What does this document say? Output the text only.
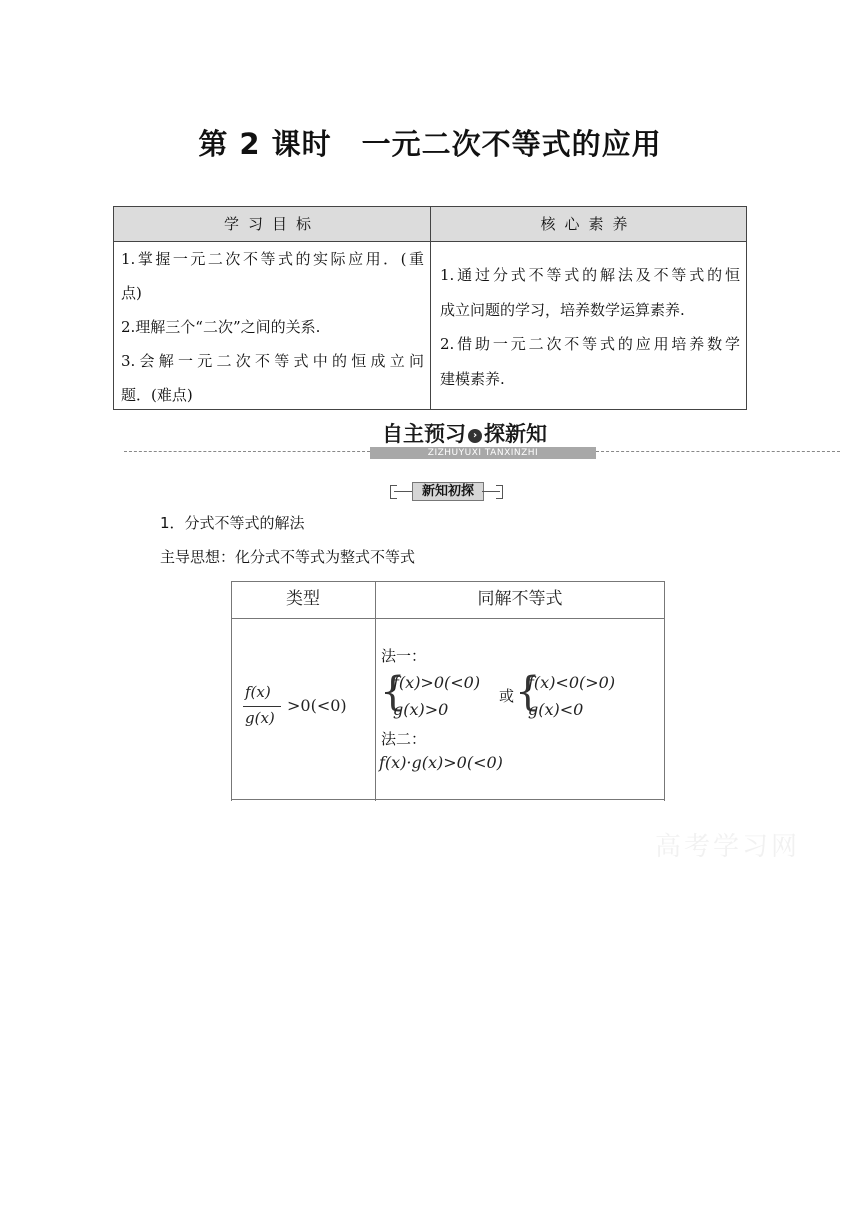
第 2 课时　一元二次不等式的应用
学习目标	核心素养
1.掌握一元二次不等式的实际应用．(重
点)
2.理解三个“二次”之间的关系.
3.会解一元二次不等式中的恒成立问
题．(难点)
1.通过分式不等式的解法及不等式的恒
成立问题的学习，培养数学运算素养.
2.借助一元二次不等式的应用培养数学
建模素养.
自主预习 › 探新知
ZIZHUYUXI TANXINZHI
新知初探
1．分式不等式的解法
主导思想：化分式不等式为整式不等式
类型	同解不等式
f(x)
g(x)
>0(<0)
法一：
{
f(x)>0(<0)
g(x)>0
或 {
f(x)<0(>0)
g(x)<0
法二：
f(x)·g(x)>0(<0)
高考学习网
